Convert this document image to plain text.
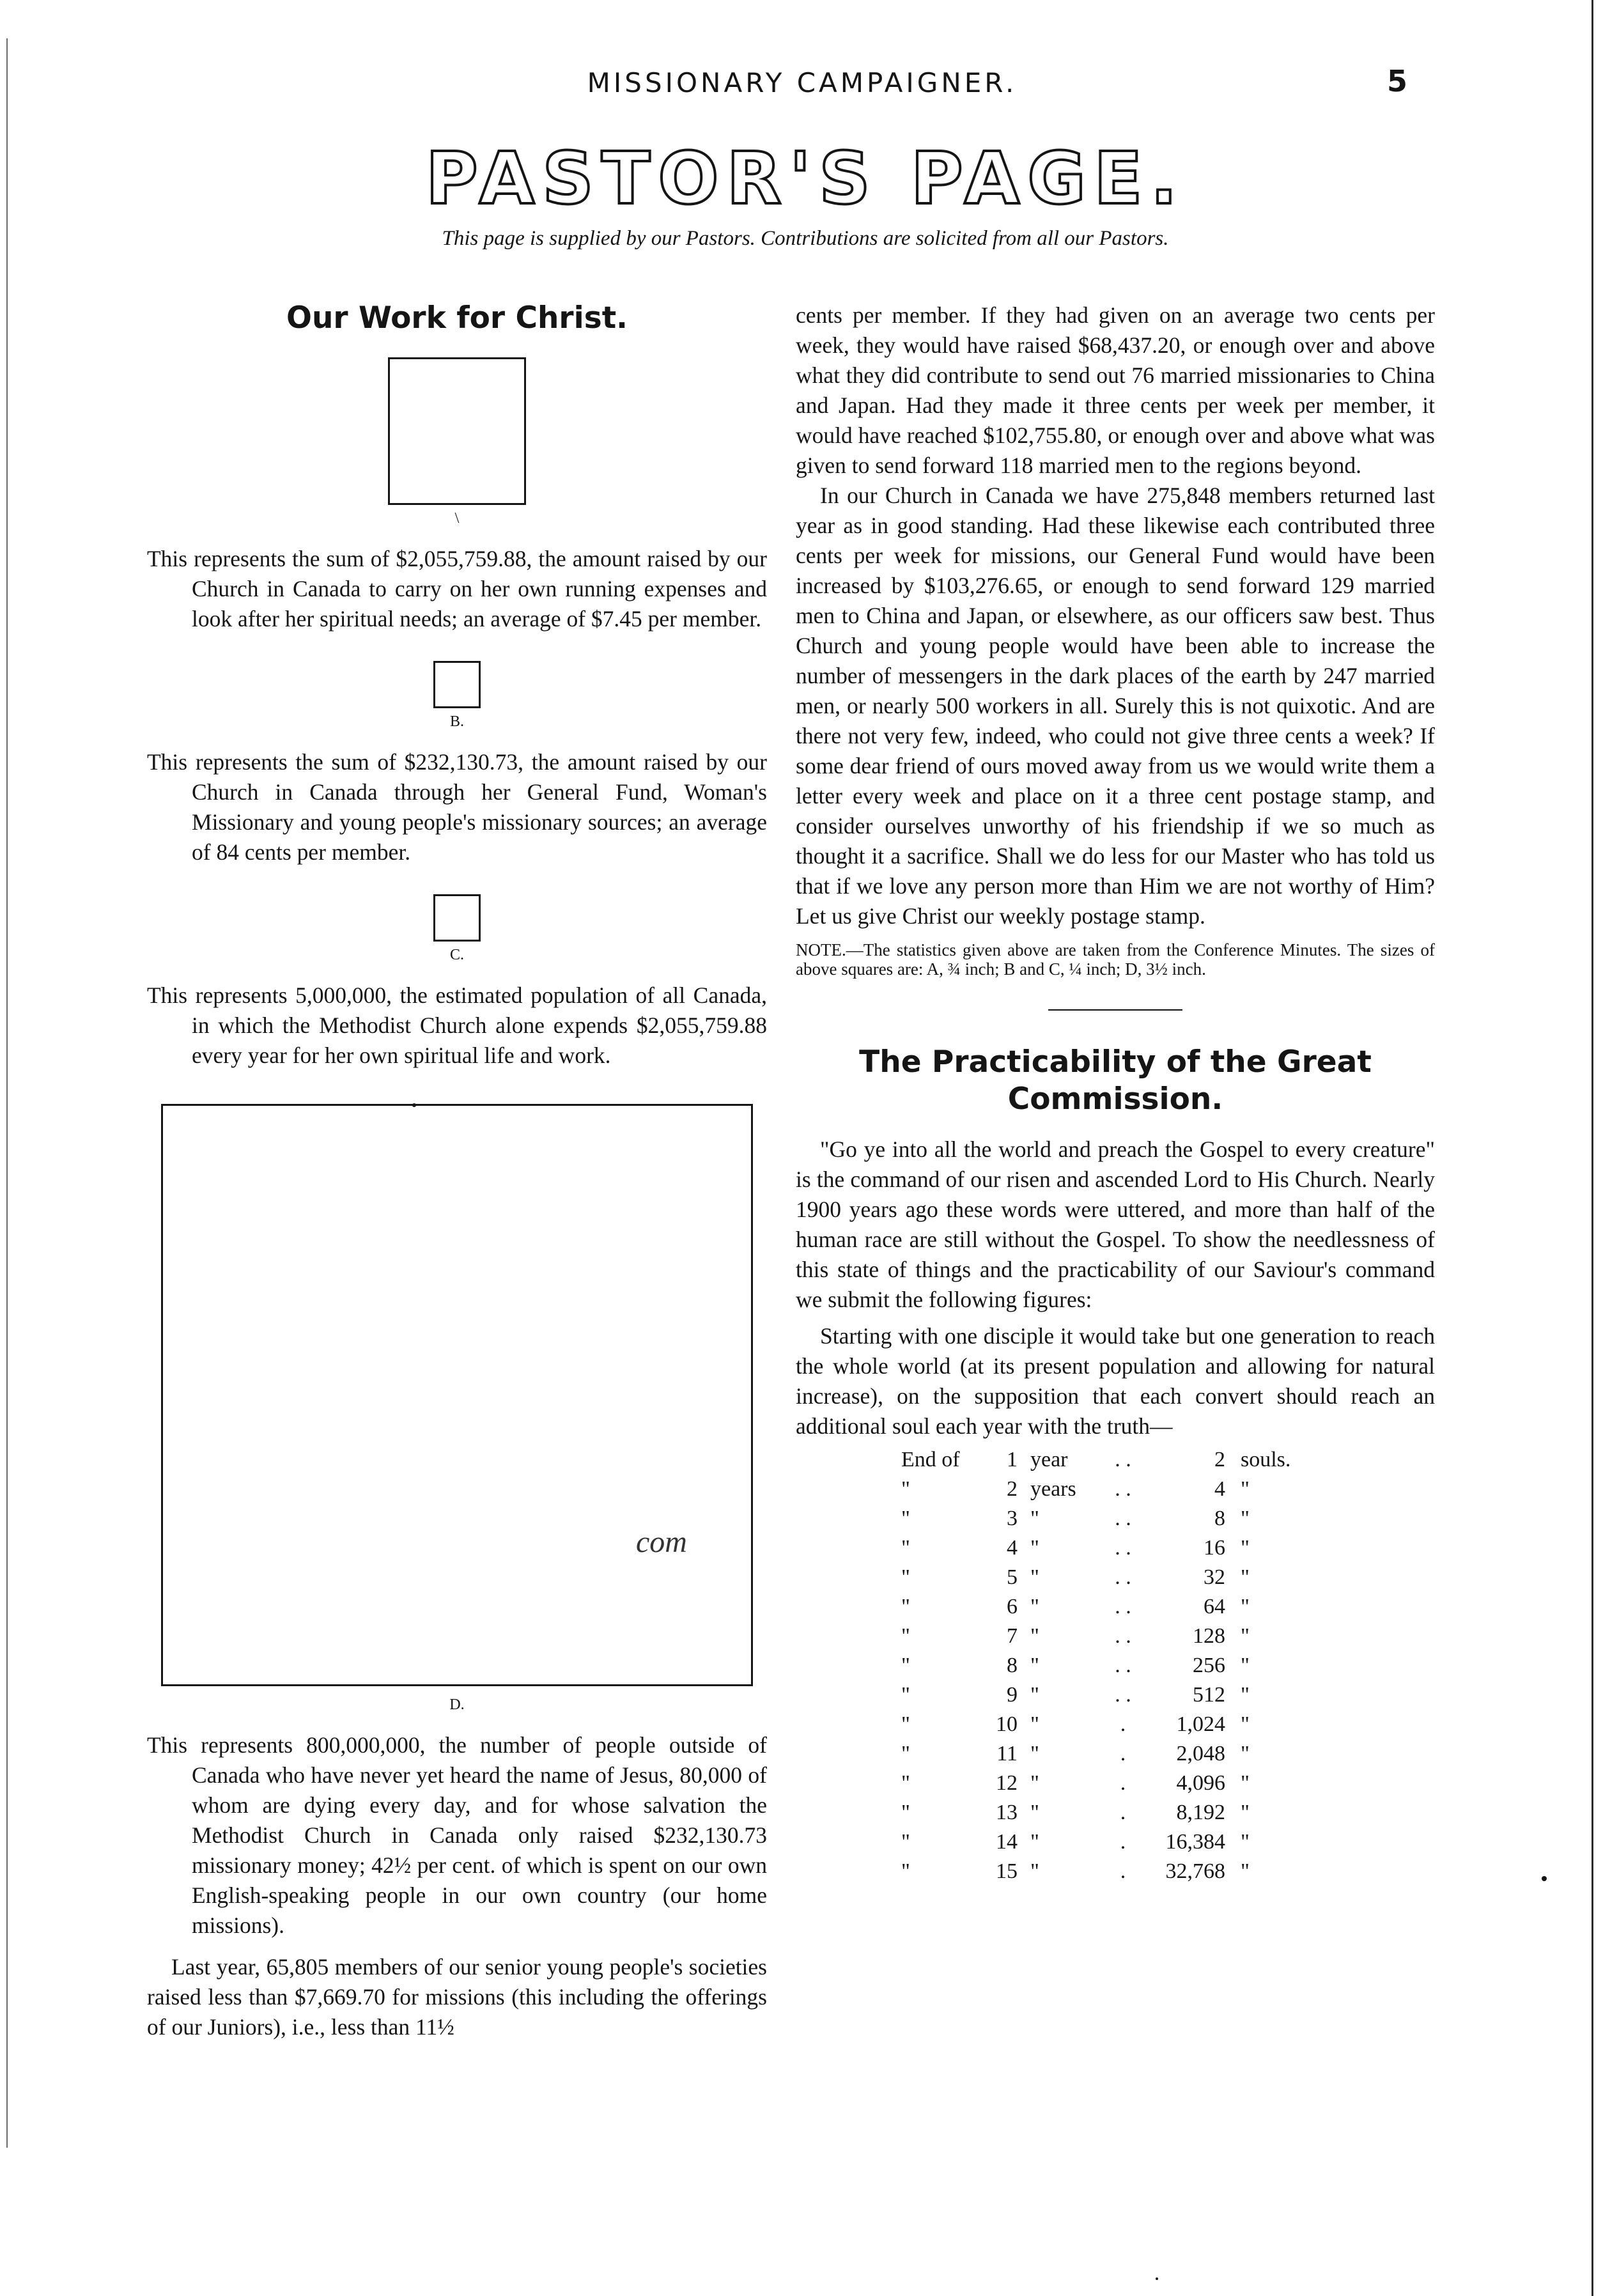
MISSIONARY CAMPAIGNER.	5
PASTOR'S PAGE.
This page is supplied by our Pastors. Contributions are solicited from all our Pastors.
Our Work for Christ.
\

This represents the sum of $2,055,759.88, the amount raised by our Church in Canada to carry on her own running expenses and look after her spiritual needs; an average of $7.45 per member.

B.

This represents the sum of $232,130.73, the amount raised by our Church in Canada through her General Fund, Woman's Missionary and young people's missionary sources; an average of 84 cents per member.

C.

This represents 5,000,000, the estimated population of all Canada, in which the Methodist Church alone expends $2,055,759.88 every year for her own spiritual life and work.

com
D.

This represents 800,000,000, the number of people outside of Canada who have never yet heard the name of Jesus, 80,000 of whom are dying every day, and for whose salvation the Methodist Church in Canada only raised $232,130.73 missionary money; 42½ per cent. of which is spent on our own English-speaking people in our own country (our home missions).

Last year, 65,805 members of our senior young people's societies raised less than $7,669.70 for missions (this including the offerings of our Juniors), i.e., less than 11½

cents per member. If they had given on an average two cents per week, they would have raised $68,437.20, or enough over and above what they did contribute to send out 76 married missionaries to China and Japan. Had they made it three cents per week per member, it would have reached $102,755.80, or enough over and above what was given to send forward 118 married men to the regions beyond.

In our Church in Canada we have 275,848 members returned last year as in good standing. Had these likewise each contributed three cents per week for missions, our General Fund would have been increased by $103,276.65, or enough to send forward 129 married men to China and Japan, or elsewhere, as our officers saw best. Thus Church and young people would have been able to increase the number of messengers in the dark places of the earth by 247 married men, or nearly 500 workers in all. Surely this is not quixotic. And are there not very few, indeed, who could not give three cents a week? If some dear friend of ours moved away from us we would write them a letter every week and place on it a three cent postage stamp, and consider ourselves unworthy of his friendship if we so much as thought it a sacrifice. Shall we do less for our Master who has told us that if we love any person more than Him we are not worthy of Him? Let us give Christ our weekly postage stamp.

NOTE.—The statistics given above are taken from the Conference Minutes. The sizes of above squares are: A, ¾ inch; B and C, ¼ inch; D, 3½ inch.

The Practicability of the Great Commission.

"Go ye into all the world and preach the Gospel to every creature" is the command of our risen and ascended Lord to His Church. Nearly 1900 years ago these words were uttered, and more than half of the human race are still without the Gospel. To show the needlessness of this state of things and the practicability of our Saviour's command we submit the following figures:

Starting with one disciple it would take but one generation to reach the whole world (at its present population and allowing for natural increase), on the supposition that each convert should reach an additional soul each year with the truth—

End of	1	year	. .	2	souls.
"	2	years	. .	4	"
"	3	"	. .	8	"
"	4	"	. .	16	"
"	5	"	. .	32	"
"	6	"	. .	64	"
"	7	"	. .	128	"
"	8	"	. .	256	"
"	9	"	. .	512	"
"	10	"	.	1,024	"
"	11	"	.	2,048	"
"	12	"	.	4,096	"
"	13	"	.	8,192	"
"	14	"	.	16,384	"
"	15	"	.	32,768	"
